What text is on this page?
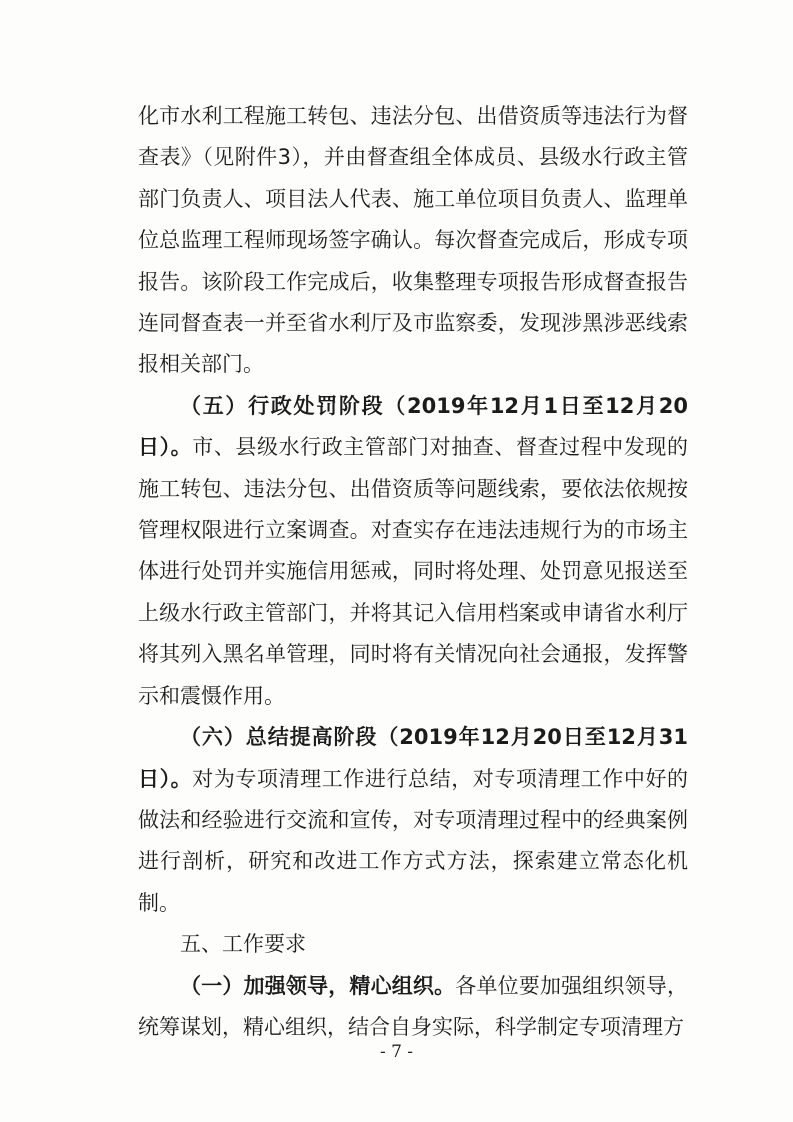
化市水利工程施工转包、违法分包、出借资质等违法行为督查表》（见附件3），并由督查组全体成员、县级水行政主管部门负责人、项目法人代表、施工单位项目负责人、监理单位总监理工程师现场签字确认。每次督查完成后，形成专项报告。该阶段工作完成后，收集整理专项报告形成督查报告连同督查表一并至省水利厅及市监察委，发现涉黑涉恶线索报相关部门。

（五）行政处罚阶段（2019年12月1日至12月20日）。市、县级水行政主管部门对抽查、督查过程中发现的施工转包、违法分包、出借资质等问题线索，要依法依规按管理权限进行立案调查。对查实存在违法违规行为的市场主体进行处罚并实施信用惩戒，同时将处理、处罚意见报送至上级水行政主管部门，并将其记入信用档案或申请省水利厅将其列入黑名单管理，同时将有关情况向社会通报，发挥警示和震慑作用。

（六）总结提高阶段（2019年12月20日至12月31日）。对为专项清理工作进行总结，对专项清理工作中好的做法和经验进行交流和宣传，对专项清理过程中的经典案例进行剖析，研究和改进工作方式方法，探索建立常态化机制。

五、工作要求

（一）加强领导，精心组织。各单位要加强组织领导，统筹谋划，精心组织，结合自身实际，科学制定专项清理方

- 7 -
